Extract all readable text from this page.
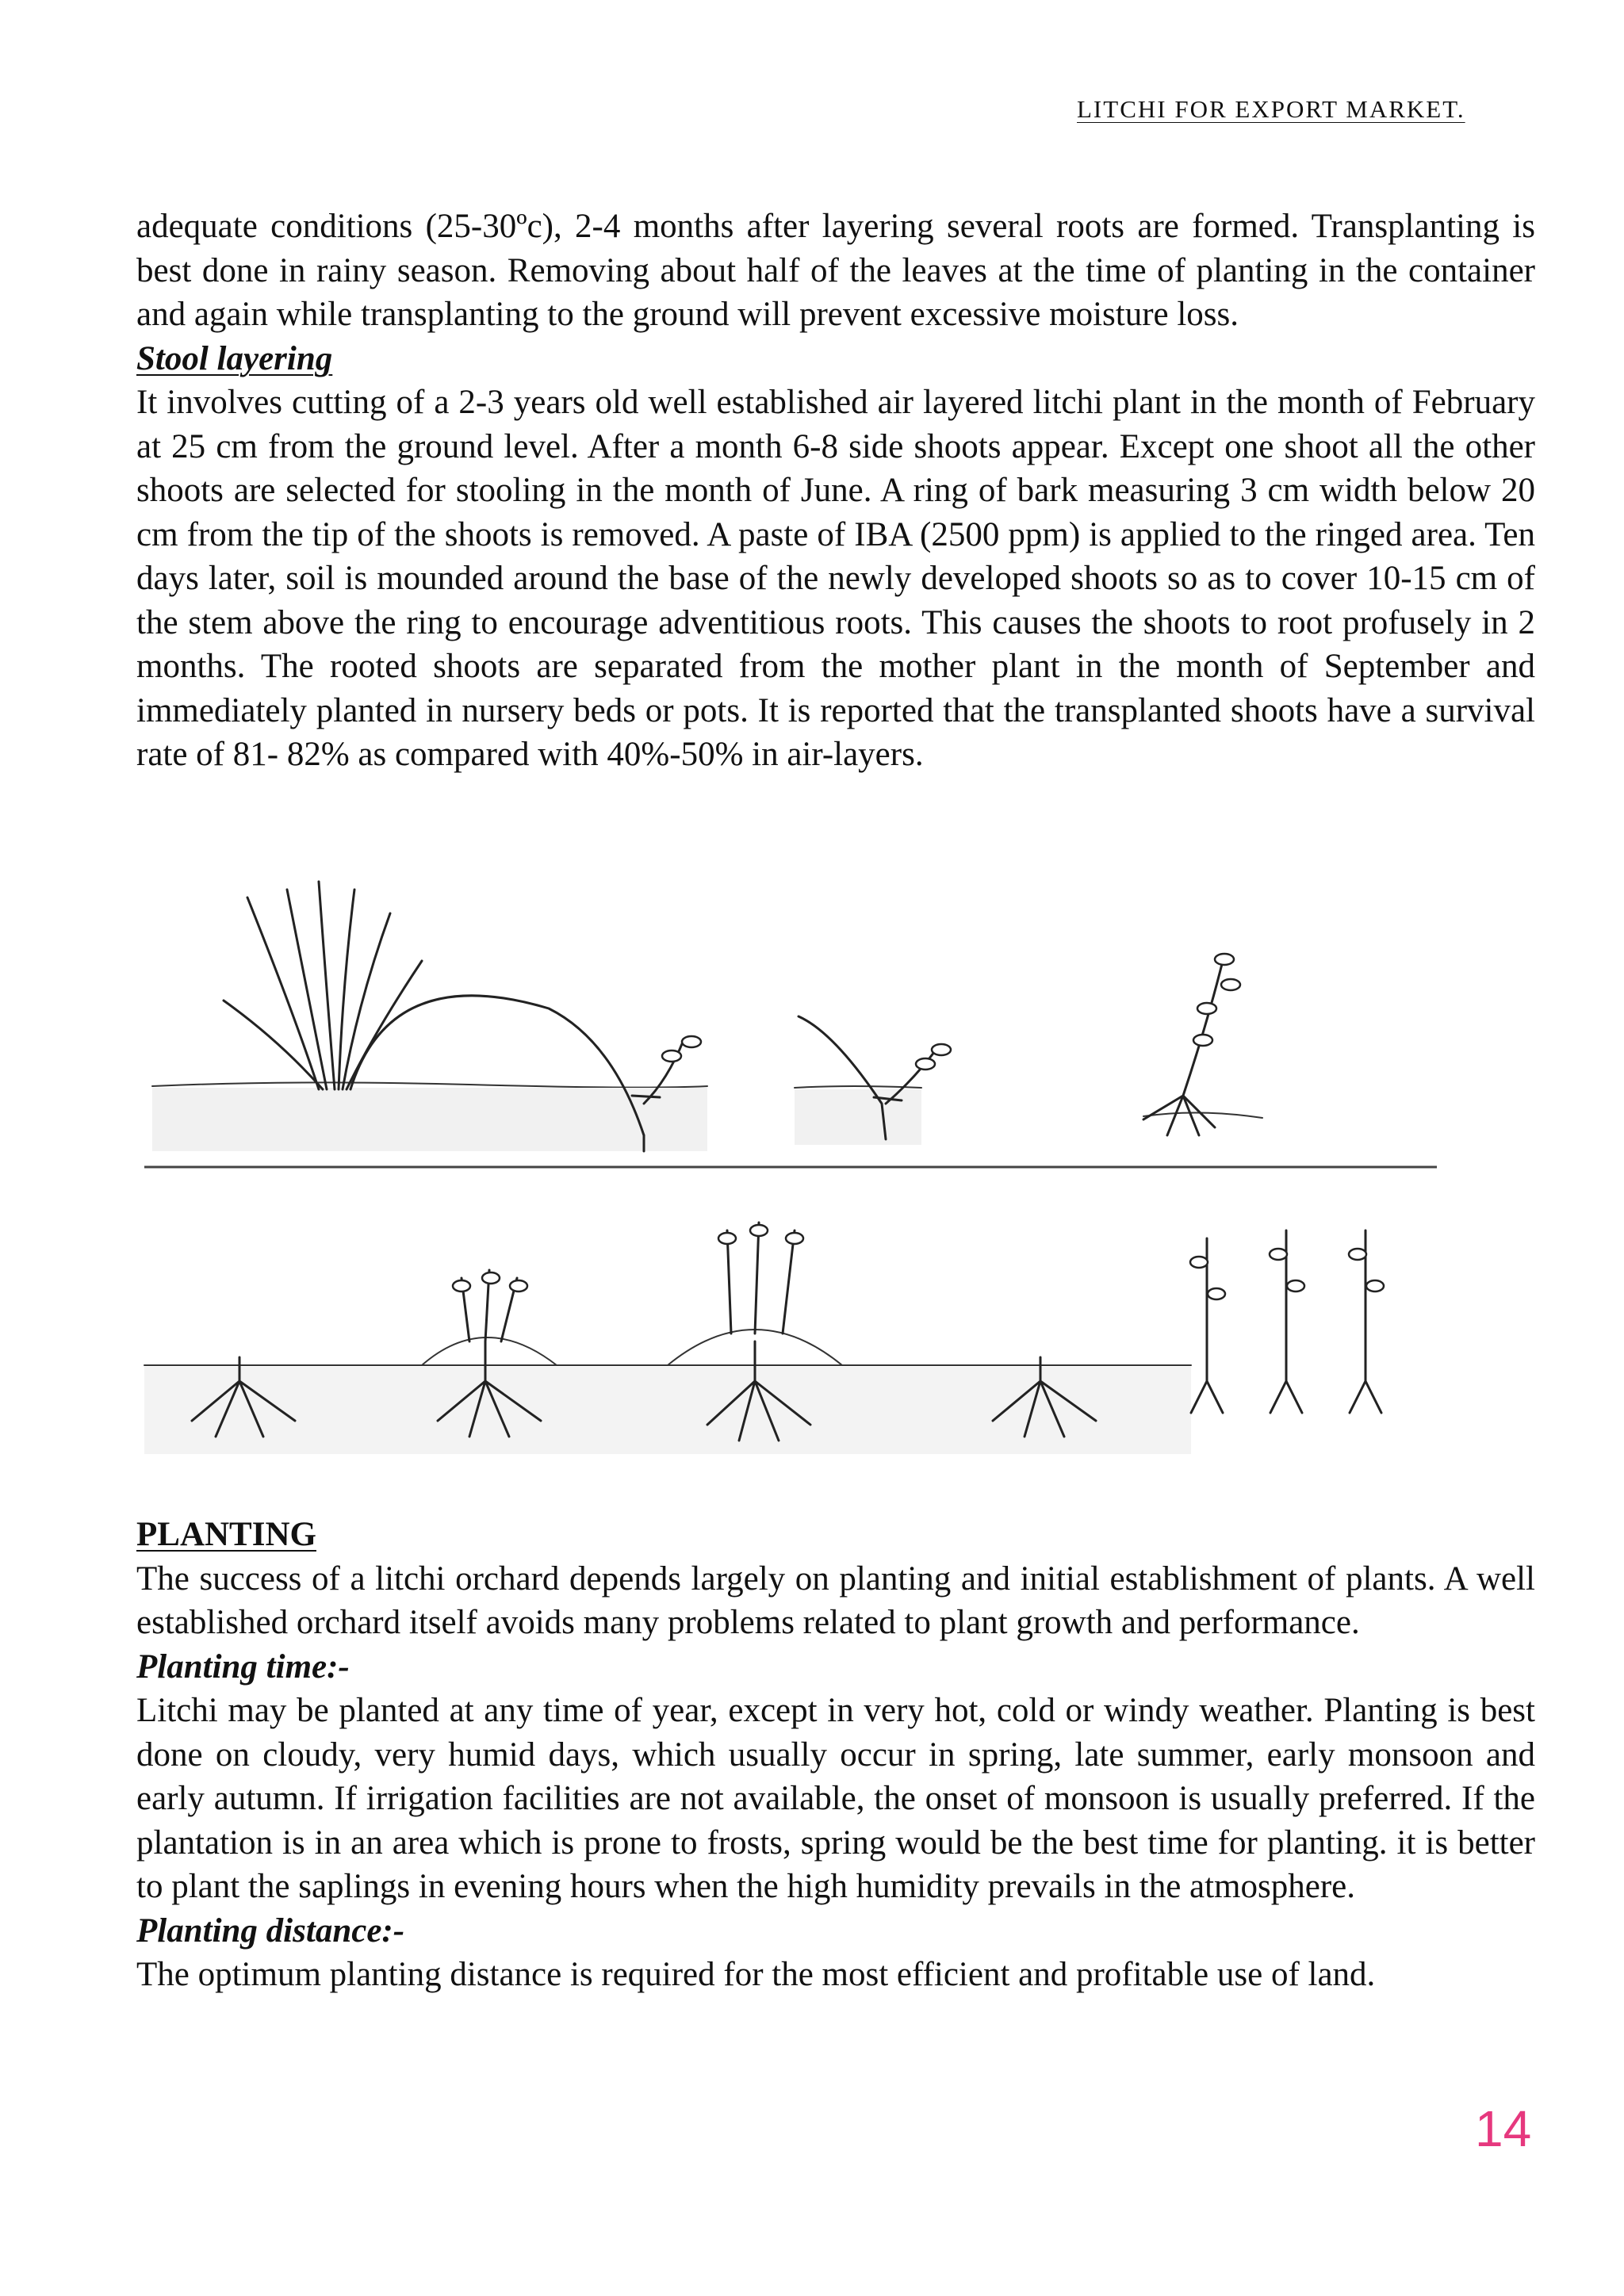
LITCHI FOR EXPORT MARKET.

adequate conditions (25-30ºc), 2-4 months after layering several roots are formed. Transplanting is best done in rainy season. Removing about half of the leaves at the time of planting in the container and again while transplanting to the ground will prevent excessive moisture loss.

Stool layering

It involves cutting of a 2-3 years old well established air layered litchi plant in the month of February at 25 cm from the ground level. After a month 6-8 side shoots appear. Except one shoot all the other shoots are selected for stooling in the month of June. A ring of bark measuring 3 cm width below 20 cm from the tip of the shoots is removed. A paste of IBA (2500 ppm) is applied to the ringed area. Ten days later, soil is mounded around the base of the newly developed shoots so as to cover 10-15 cm of the stem above the ring to encourage adventitious roots. This causes the shoots to root profusely in 2 months. The rooted shoots are separated from the mother plant in the month of September and immediately planted in nursery beds or pots. It is reported that the transplanted shoots have a survival rate of 81- 82% as compared with 40%-50% in air-layers.

PLANTING

The success of a litchi orchard depends largely on planting and initial establishment of plants. A well established orchard itself avoids many problems related to plant growth and performance.

Planting time:-

Litchi may be planted at any time of year, except in very hot, cold or windy weather. Planting is best done on cloudy, very humid days, which usually occur in spring, late summer, early monsoon and early autumn. If irrigation facilities are not available, the onset of monsoon is usually preferred. If the plantation is in an area which is prone to frosts, spring would be the best time for planting. it is better to plant the saplings in evening hours when the high humidity prevails in the atmosphere.

Planting distance:-

The optimum planting distance is required for the most efficient and profitable use of land.

14
